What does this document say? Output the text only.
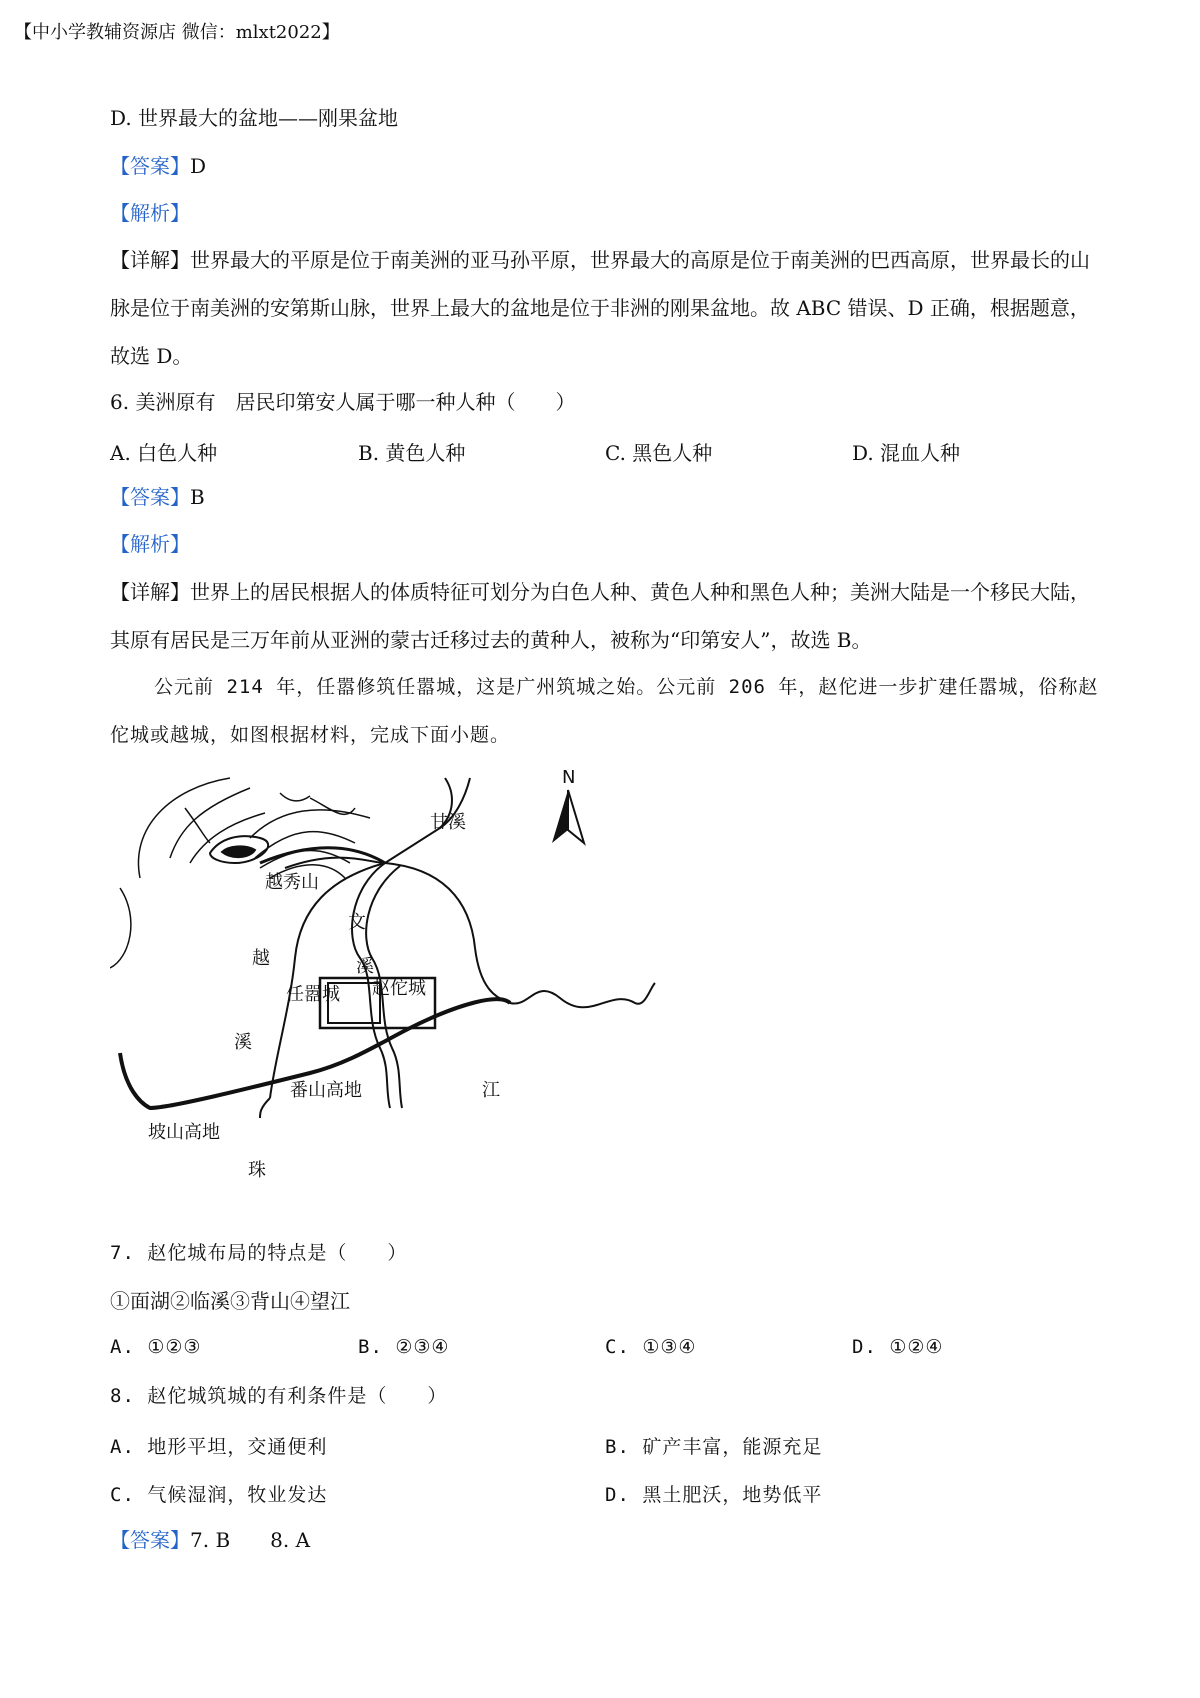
【中小学教辅资源店 微信：mlxt2022】
D. 世界最大的盆地——刚果盆地
【答案】D
【解析】
【详解】世界最大的平原是位于南美洲的亚马孙平原，世界最大的高原是位于南美洲的巴西高原，世界最长的山脉是位于南美洲的安第斯山脉，世界上最大的盆地是位于非洲的刚果盆地。故 ABC 错误、D 正确，根据题意，故选 D。
6. 美洲原有　居民印第安人属于哪一种人种（　　）
A. 白色人种	B. 黄色人种	C. 黑色人种	D. 混血人种
【答案】B
【解析】
【详解】世界上的居民根据人的体质特征可划分为白色人种、黄色人种和黑色人种；美洲大陆是一个移民大陆，其原有居民是三万年前从亚洲的蒙古迁移过去的黄种人，被称为“印第安人”，故选 B。
公元前 214 年，任嚣修筑任嚣城，这是广州筑城之始。公元前 206 年，赵佗进一步扩建任嚣城，俗称赵佗城或越城，如图根据材料，完成下面小题。
N
甘溪
越秀山
文
越	溪
赵佗城
任嚣城
溪
番山高地	江
坡山高地
珠
7. 赵佗城布局的特点是（　　）
①面湖②临溪③背山④望江
A. ①②③	B. ②③④	C. ①③④	D. ①②④
8. 赵佗城筑城的有利条件是（　　）
A. 地形平坦，交通便利	B. 矿产丰富，能源充足
C. 气候湿润，牧业发达	D. 黑土肥沃，地势低平
【答案】7. B　　8. A
